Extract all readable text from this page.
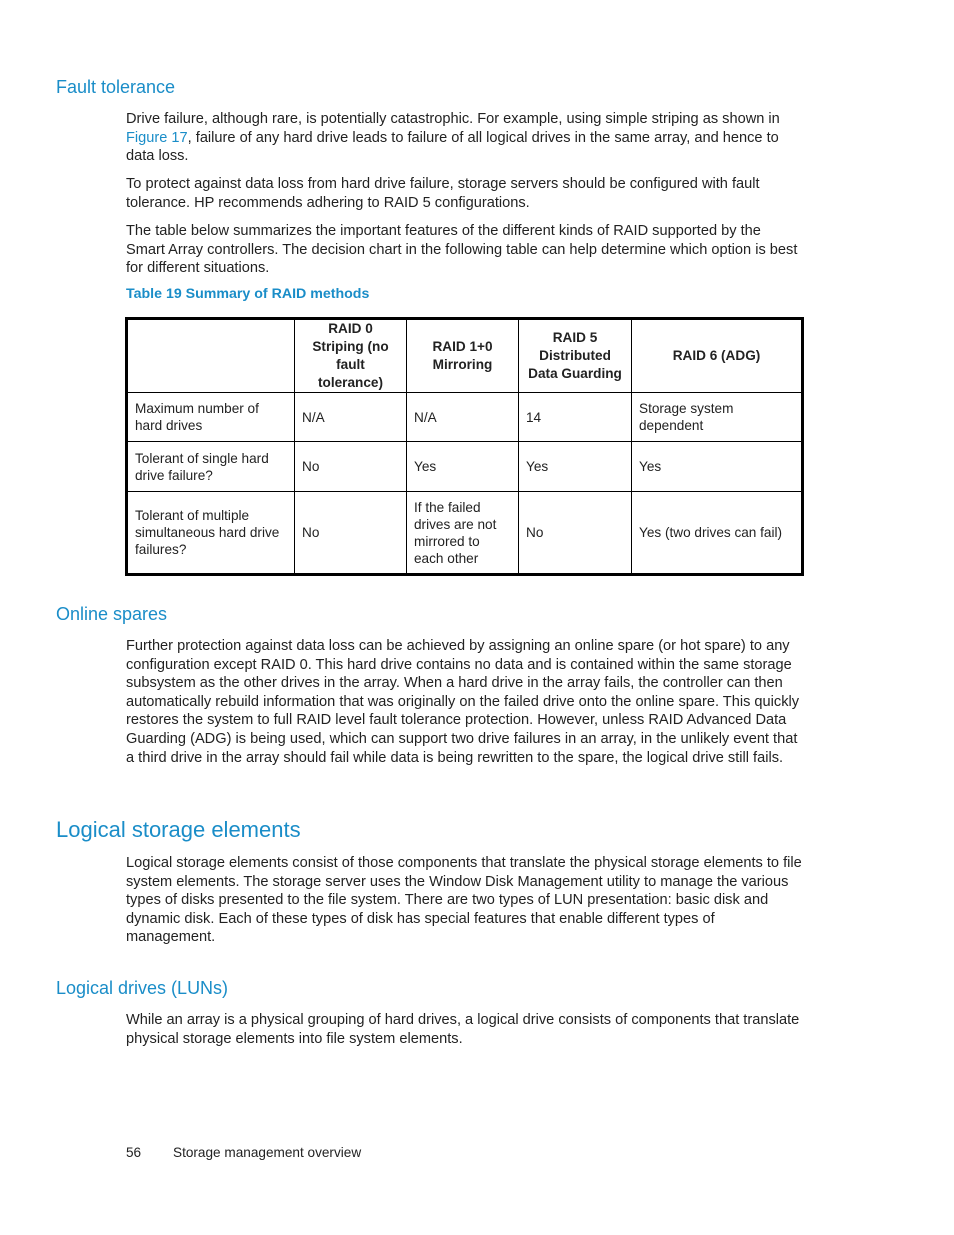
Fault tolerance

Drive failure, although rare, is potentially catastrophic. For example, using simple striping as shown in Figure 17, failure of any hard drive leads to failure of all logical drives in the same array, and hence to data loss.

To protect against data loss from hard drive failure, storage servers should be configured with fault tolerance. HP recommends adhering to RAID 5 configurations.

The table below summarizes the important features of the different kinds of RAID supported by the Smart Array controllers. The decision chart in the following table can help determine which option is best for different situations.

Table 19 Summary of RAID methods

	RAID 0 Striping (no fault tolerance)	RAID 1+0 Mirroring	RAID 5 Distributed Data Guarding	RAID 6 (ADG)
Maximum number of hard drives	N/A	N/A	14	Storage system dependent
Tolerant of single hard drive failure?	No	Yes	Yes	Yes
Tolerant of multiple simultaneous hard drive failures?	No	If the failed drives are not mirrored to each other	No	Yes (two drives can fail)
Online spares

Further protection against data loss can be achieved by assigning an online spare (or hot spare) to any configuration except RAID 0. This hard drive contains no data and is contained within the same storage subsystem as the other drives in the array. When a hard drive in the array fails, the controller can then automatically rebuild information that was originally on the failed drive onto the online spare. This quickly restores the system to full RAID level fault tolerance protection. However, unless RAID Advanced Data Guarding (ADG) is being used, which can support two drive failures in an array, in the unlikely event that a third drive in the array should fail while data is being rewritten to the spare, the logical drive still fails.

Logical storage elements

Logical storage elements consist of those components that translate the physical storage elements to file system elements. The storage server uses the Window Disk Management utility to manage the various types of disks presented to the file system. There are two types of LUN presentation: basic disk and dynamic disk. Each of these types of disk has special features that enable different types of management.

Logical drives (LUNs)

While an array is a physical grouping of hard drives, a logical drive consists of components that translate physical storage elements into file system elements.

56 Storage management overview
